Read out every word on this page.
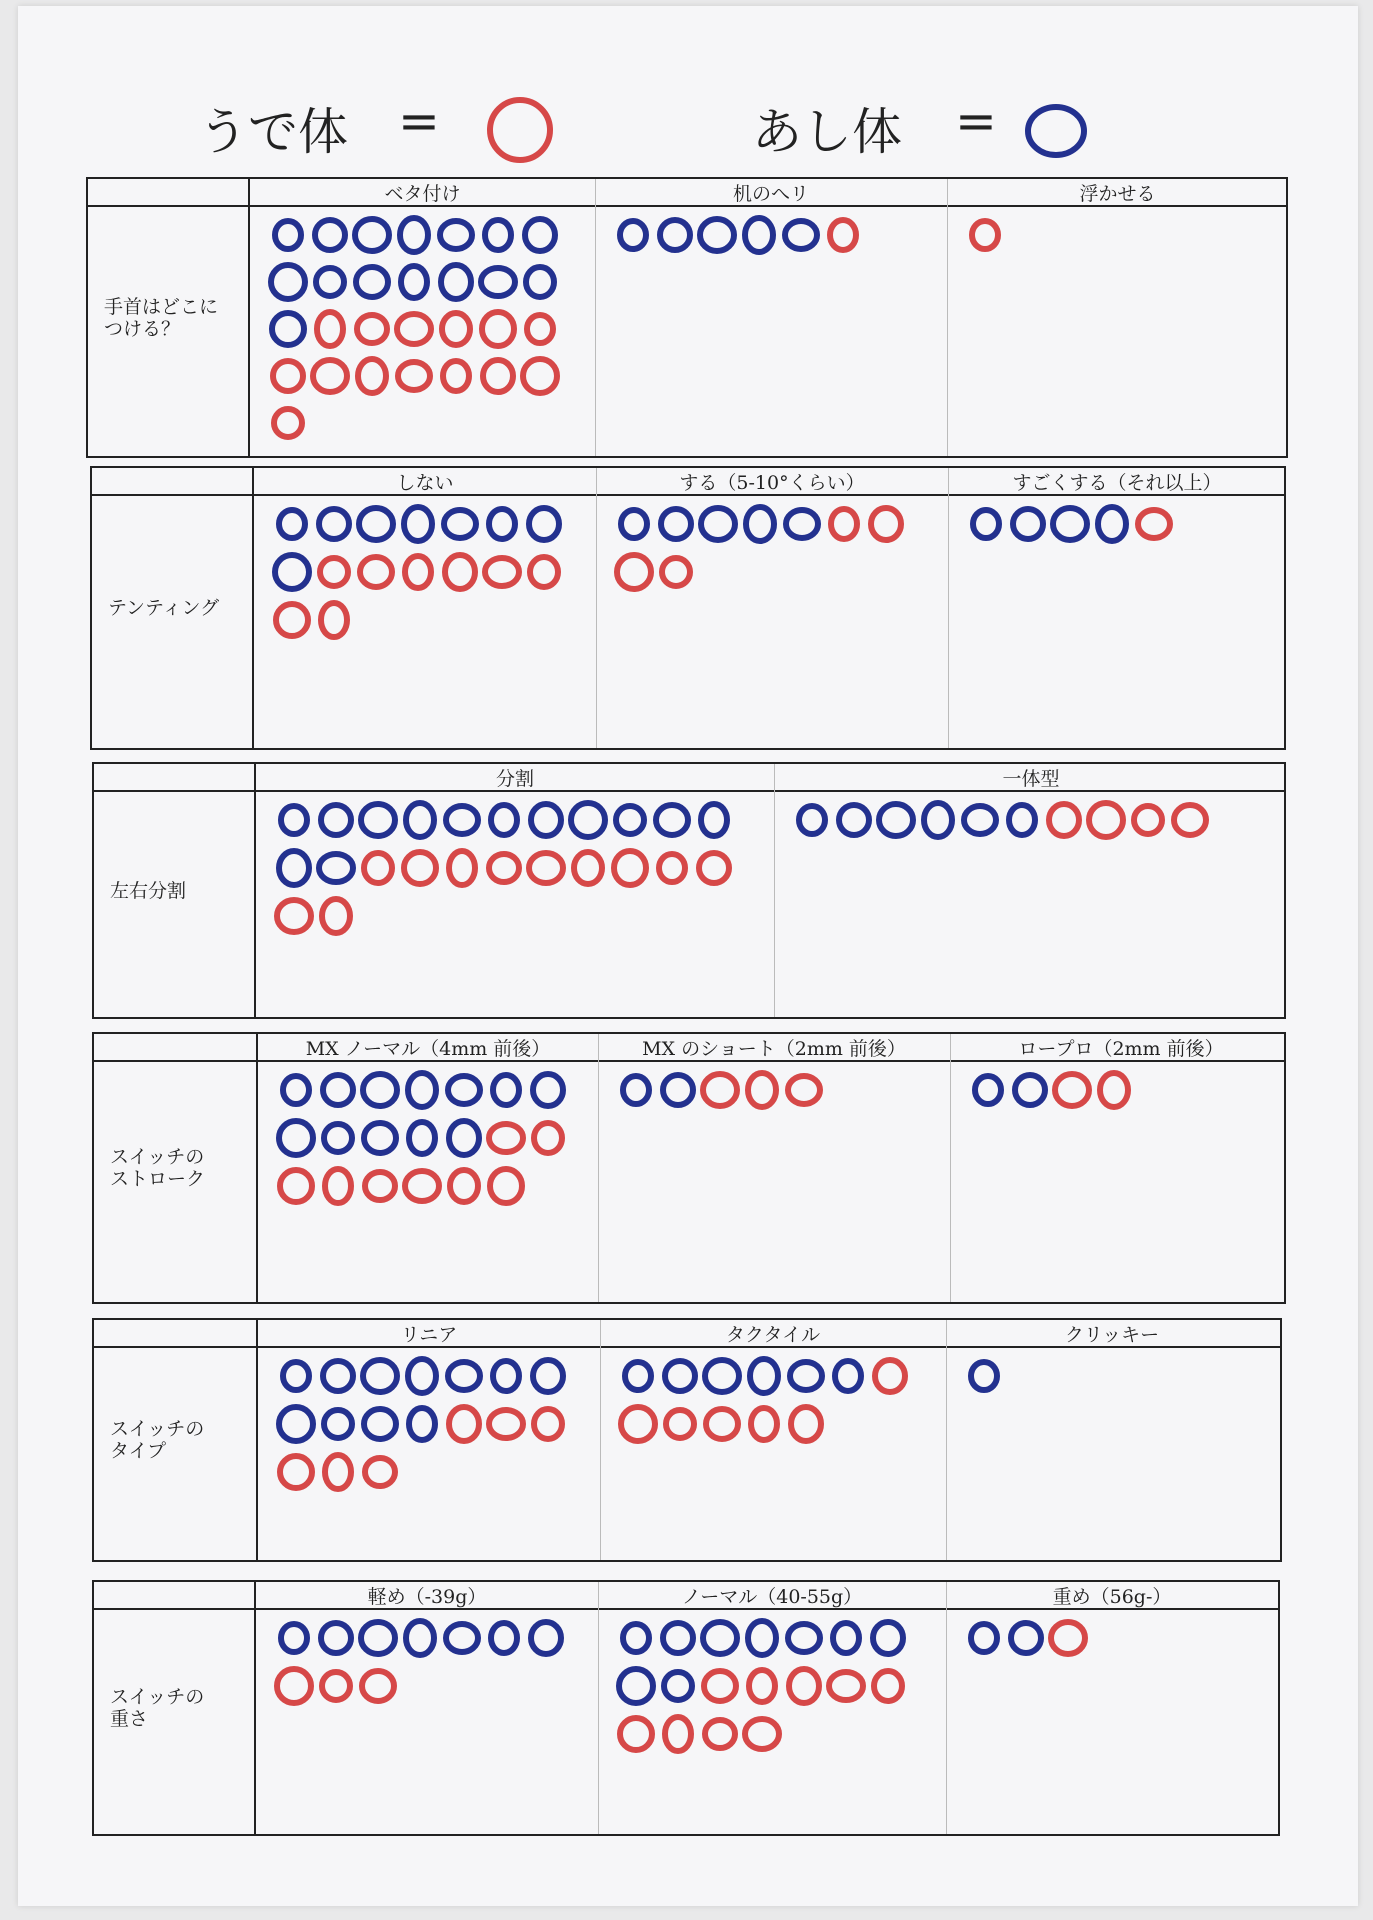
うで体 =	あし体 =
手首はどこに
つける？
ベタ付け	机のへリ	浮かせる
テンティング
しない	する（5-10°くらい）	すごくする（それ以上）
左右分割
分割	一体型
スイッチの
ストローク
MX ノーマル（4mm 前後）	MX のショート（2mm 前後）	ロープロ（2mm 前後）
スイッチの
タイプ
リニア	タクタイル	クリッキー
スイッチの
重さ
軽め（-39g）	ノーマル（40-55g）	重め（56g-）
